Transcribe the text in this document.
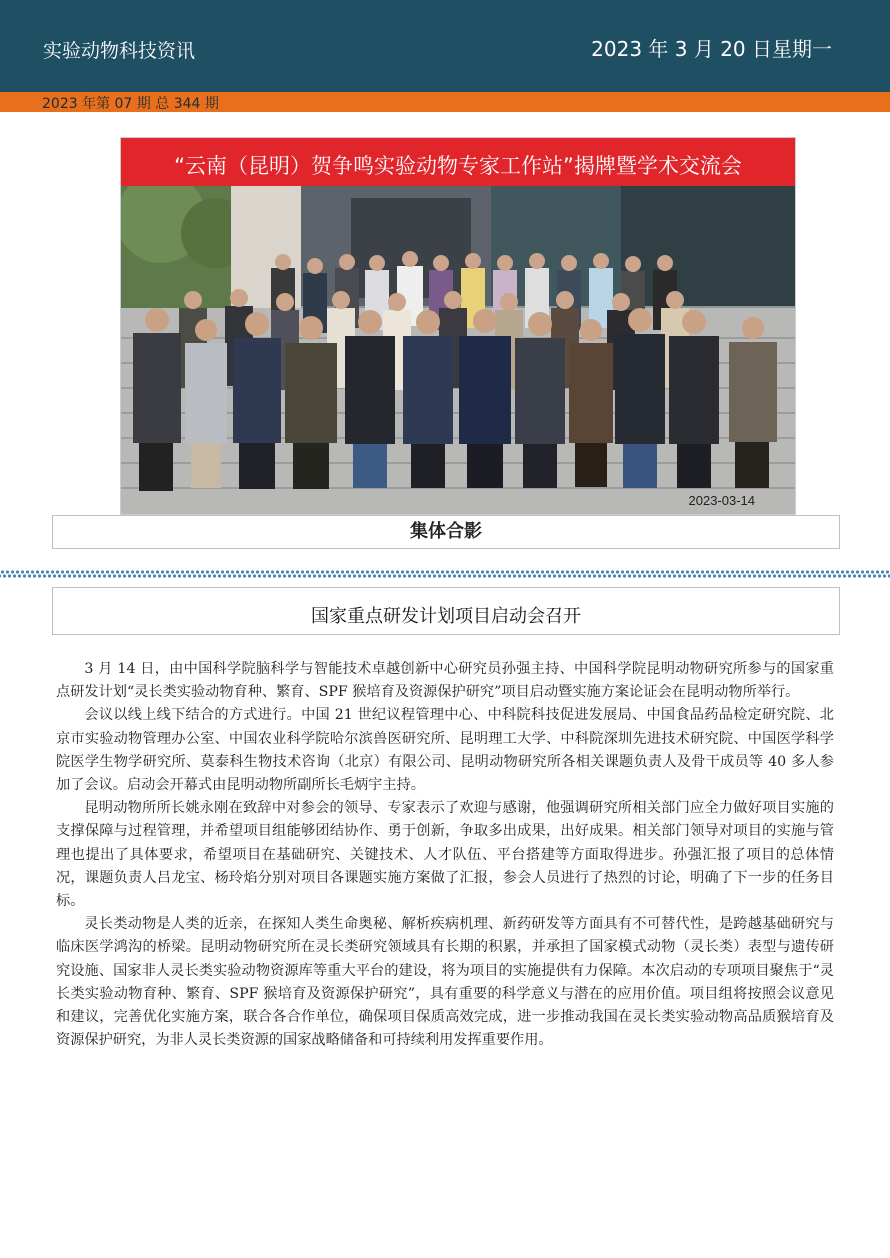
实验动物科技资讯	2023 年 3 月 20 日星期一
2023 年第 07 期 总 344 期
“云南（昆明）贺争鸣实验动物专家工作站”揭牌暨学术交流会
2023-03-14
集体合影
国家重点研发计划项目启动会召开

3 月 14 日，由中国科学院脑科学与智能技术卓越创新中心研究员孙强主持、中国科学院昆明动物研究所参与的国家重点研发计划“灵长类实验动物育种、繁育、SPF 猴培育及资源保护研究”项目启动暨实施方案论证会在昆明动物所举行。

会议以线上线下结合的方式进行。中国 21 世纪议程管理中心、中科院科技促进发展局、中国食品药品检定研究院、北京市实验动物管理办公室、中国农业科学院哈尔滨兽医研究所、昆明理工大学、中科院深圳先进技术研究院、中国医学科学院医学生物学研究所、莫泰科生物技术咨询（北京）有限公司、昆明动物研究所各相关课题负责人及骨干成员等 40 多人参加了会议。启动会开幕式由昆明动物所副所长毛炳宇主持。

昆明动物所所长姚永刚在致辞中对参会的领导、专家表示了欢迎与感谢，他强调研究所相关部门应全力做好项目实施的支撑保障与过程管理，并希望项目组能够团结协作、勇于创新，争取多出成果，出好成果。相关部门领导对项目的实施与管理也提出了具体要求，希望项目在基础研究、关键技术、人才队伍、平台搭建等方面取得进步。孙强汇报了项目的总体情况，课题负责人吕龙宝、杨玲焰分别对项目各课题实施方案做了汇报，参会人员进行了热烈的讨论，明确了下一步的任务目标。

灵长类动物是人类的近亲，在探知人类生命奥秘、解析疾病机理、新药研发等方面具有不可替代性，是跨越基础研究与临床医学鸿沟的桥梁。昆明动物研究所在灵长类研究领域具有长期的积累，并承担了国家模式动物（灵长类）表型与遗传研究设施、国家非人灵长类实验动物资源库等重大平台的建设，将为项目的实施提供有力保障。本次启动的专项项目聚焦于“灵长类实验动物育种、繁育、SPF 猴培育及资源保护研究”，具有重要的科学意义与潜在的应用价值。项目组将按照会议意见和建议，完善优化实施方案，联合各合作单位，确保项目保质高效完成，进一步推动我国在灵长类实验动物高品质猴培育及资源保护研究，为非人灵长类资源的国家战略储备和可持续利用发挥重要作用。
